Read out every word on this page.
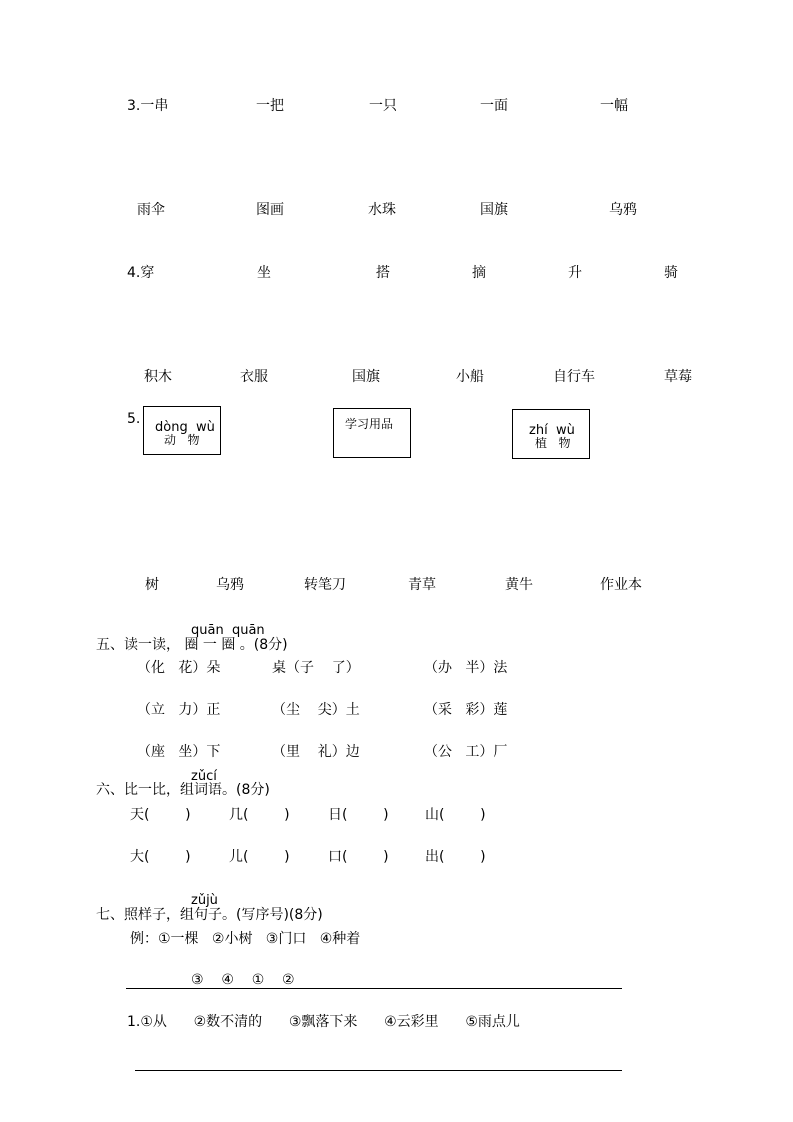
3.一串	一把	一只	一面	一幅
雨伞	图画	水珠	国旗	乌鸦
4.穿	坐	搭	摘	升	骑
积木	衣服	国旗	小船	自行车	草莓
5.
dòng  wù
动   物
学习用品	zhí  wù
植   物
树	乌鸦	转笔刀	青草	黄牛	作业本
quān  quān
五、读一读， 圈 一 圈 。(8分)
（化   花）朵	桌（子    了）	（办   半）法
（立   力）正	（尘    尖）土	（采   彩）莲
（座   坐）下	（里    礼）边	（公   工）厂
zǔcí
六、比一比，组词语。(8分)
天(        )	几(        )	日(        )	山(        )
大(        )	儿(        )	口(        )	出(        )
zǔjù
七、照样子，组句子。(写序号)(8分)
例：①一棵   ②小树   ③门口   ④种着
③    ④    ①    ②
1.①从      ②数不清的      ③飘落下来      ④云彩里      ⑤雨点儿
